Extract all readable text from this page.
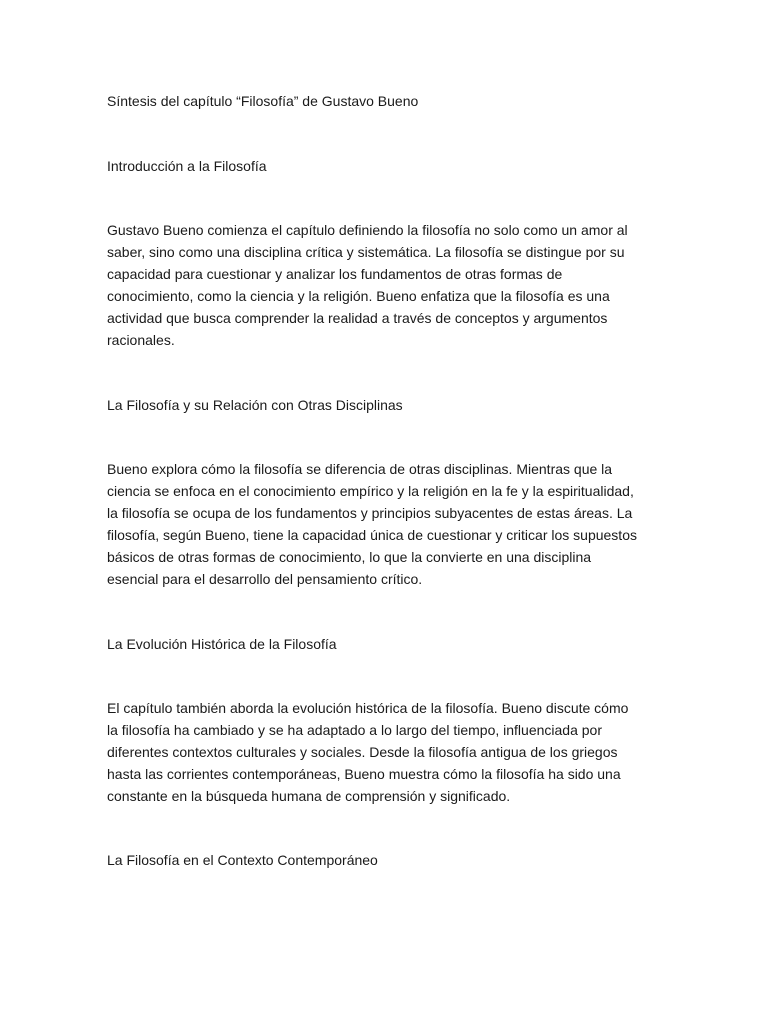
Síntesis del capítulo “Filosofía” de Gustavo Bueno
Introducción a la Filosofía
Gustavo Bueno comienza el capítulo definiendo la filosofía no solo como un amor al
saber, sino como una disciplina crítica y sistemática. La filosofía se distingue por su
capacidad para cuestionar y analizar los fundamentos de otras formas de
conocimiento, como la ciencia y la religión. Bueno enfatiza que la filosofía es una
actividad que busca comprender la realidad a través de conceptos y argumentos
racionales.
La Filosofía y su Relación con Otras Disciplinas
Bueno explora cómo la filosofía se diferencia de otras disciplinas. Mientras que la
ciencia se enfoca en el conocimiento empírico y la religión en la fe y la espiritualidad,
la filosofía se ocupa de los fundamentos y principios subyacentes de estas áreas. La
filosofía, según Bueno, tiene la capacidad única de cuestionar y criticar los supuestos
básicos de otras formas de conocimiento, lo que la convierte en una disciplina
esencial para el desarrollo del pensamiento crítico.
La Evolución Histórica de la Filosofía
El capítulo también aborda la evolución histórica de la filosofía. Bueno discute cómo
la filosofía ha cambiado y se ha adaptado a lo largo del tiempo, influenciada por
diferentes contextos culturales y sociales. Desde la filosofía antigua de los griegos
hasta las corrientes contemporáneas, Bueno muestra cómo la filosofía ha sido una
constante en la búsqueda humana de comprensión y significado.
La Filosofía en el Contexto Contemporáneo
